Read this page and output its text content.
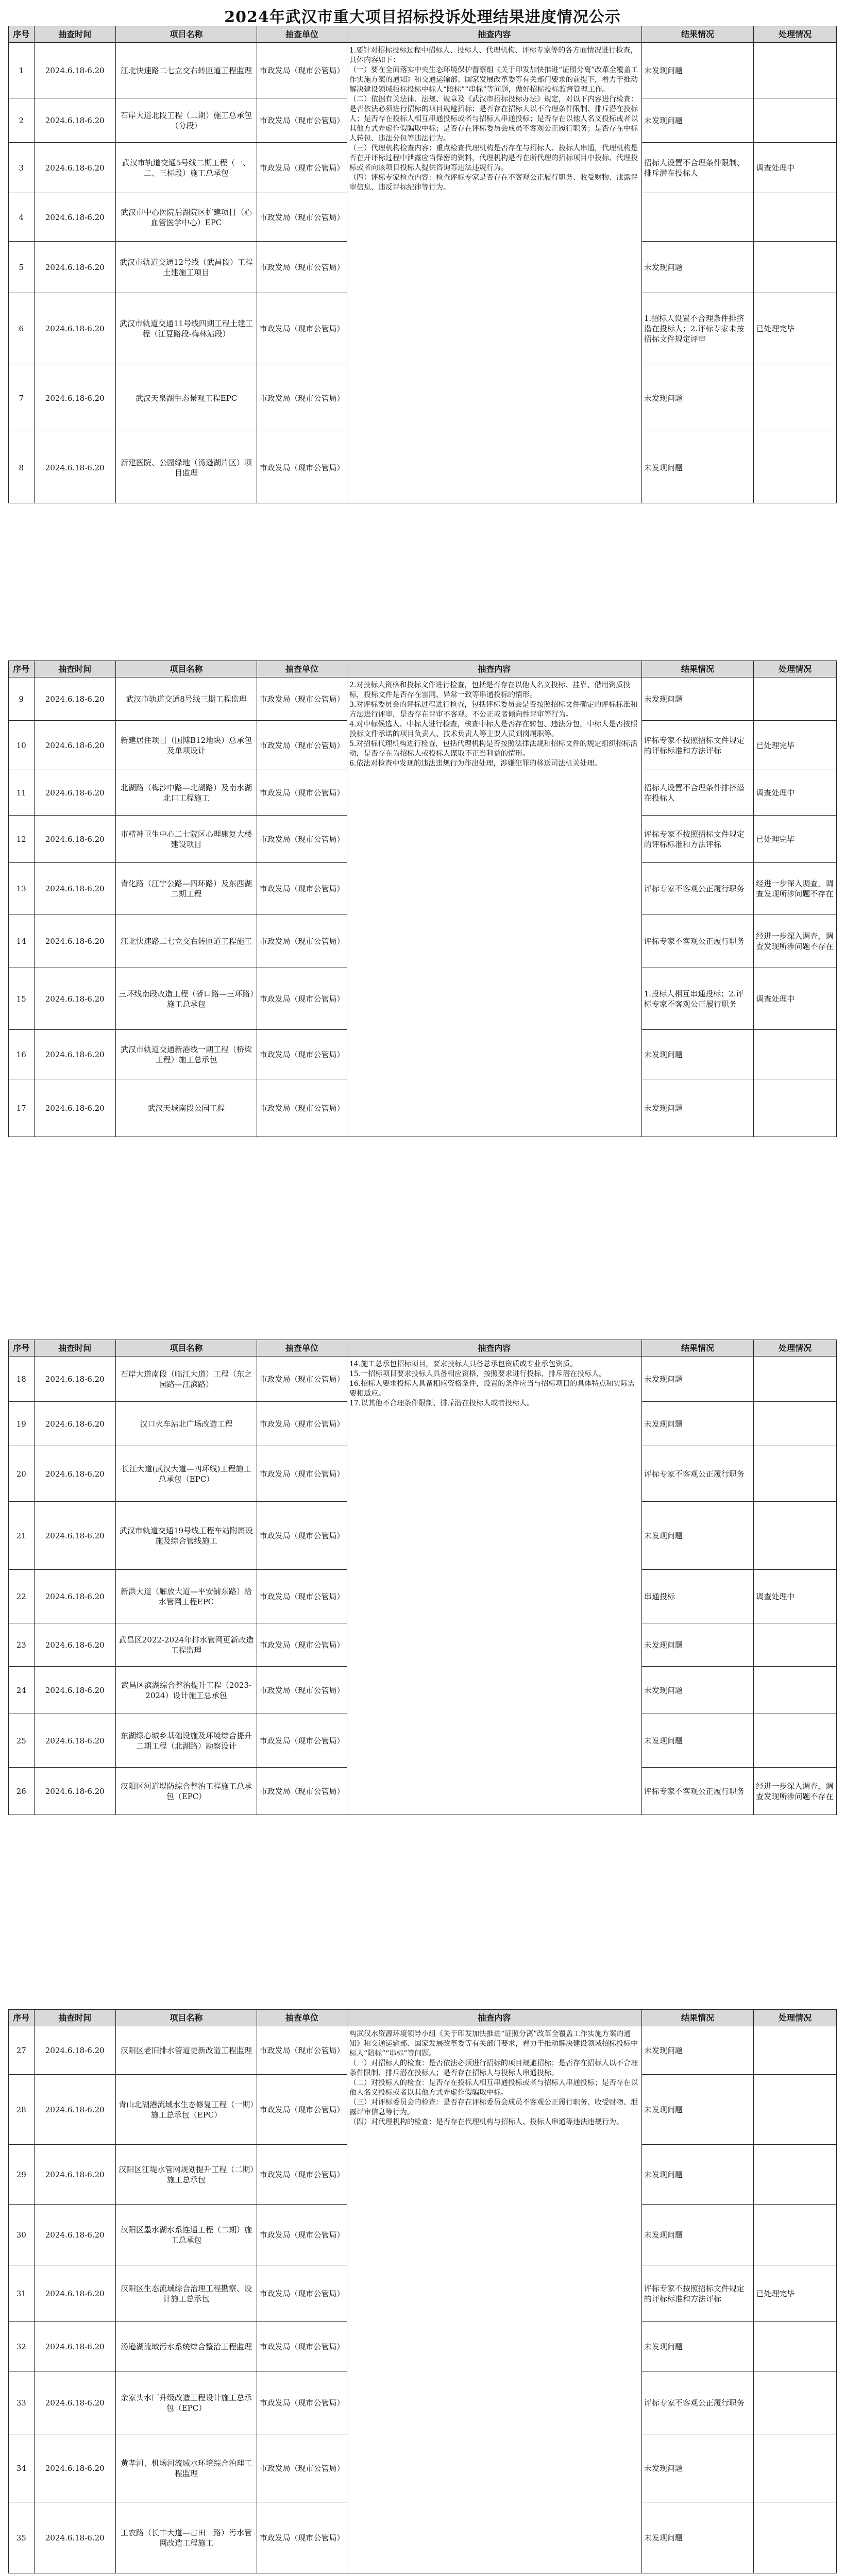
2024年武汉市重大项目招标投诉处理结果进度情况公示
序号	抽查时间	项目名称	抽查单位	抽查内容	结果情况	处理情况
1	2024.6.18-6.20	江北快速路二七立交右转匝道工程监理	市政发局（现市公管局）	1.要针对招标投标过程中招标人、投标人、代理机构、评标专家等的各方面情况进行检查，具体内容如下：
（一）要在全面落实中央生态环境保护督察组《关于印发加快推进“证照分离”改革全覆盖工作实施方案的通知》和交通运输部、国家发展改革委等有关部门要求的前提下，着力于推动解决建设领域招标投标中标人“陪标”“串标”等问题，做好招标投标监督管理工作。
（二）依据有关法律、法规、规章及《武汉市招标投标办法》规定，对以下内容进行检查：是否依法必须进行招标的项目规避招标；是否存在招标人以不合理条件限制、排斥潜在投标人；是否存在投标人相互串通投标或者与招标人串通投标；是否存在以他人名义投标或者以其他方式弄虚作假骗取中标；是否存在评标委员会成员不客观公正履行职务；是否存在中标人转包、违法分包等违法行为。
（三）代理机构检查内容：重点检查代理机构是否存在与招标人、投标人串通，代理机构是否在开评标过程中泄露应当保密的资料，代理机构是否在所代理的招标项目中投标、代理投标或者向该项目投标人提供咨询等违法违规行为。
（四）评标专家检查内容：检查评标专家是否存在不客观公正履行职务、收受财物、泄露评审信息、违反评标纪律等行为。	未发现问题	
2	2024.6.18-6.20	石岸大道北段工程（二期）施工总承包（分段）	市政发局（现市公管局）		未发现问题	
3	2024.6.18-6.20	武汉市轨道交通5号线二期工程（一、二、三标段）施工总承包	市政发局（现市公管局）		招标人设置不合理条件限制、排斥潜在投标人	调查处理中
4	2024.6.18-6.20	武汉市中心医院后湖院区扩建项目（心血管医学中心）EPC	市政发局（现市公管局）			
5	2024.6.18-6.20	武汉市轨道交通12号线（武昌段）工程土建施工项目	市政发局（现市公管局）		未发现问题	
6	2024.6.18-6.20	武汉市轨道交通11号线四期工程土建工程（江夏路段-梅林站段）	市政发局（现市公管局）		1.招标人设置不合理条件排挤潜在投标人；2.评标专家未按招标文件规定评审	已处理完毕
7	2024.6.18-6.20	武汉天泉湖生态景观工程EPC	市政发局（现市公管局）		未发现问题	
8	2024.6.18-6.20	新建医院、公园绿地（汤逊湖片区）项目监理	市政发局（现市公管局）		未发现问题	
序号	抽查时间	项目名称	抽查单位	抽查内容	结果情况	处理情况
9	2024.6.18-6.20	武汉市轨道交通8号线三期工程监理	市政发局（现市公管局）	2.对投标人资格和投标文件进行检查，包括是否存在以他人名义投标、挂靠、借用资质投标，投标文件是否存在雷同、异常一致等串通投标的情形。
3.对评标委员会的评标过程进行检查，包括评标委员会是否按照招标文件确定的评标标准和方法进行评审，是否存在评审不客观、不公正或者倾向性评审等行为。
4.对中标候选人、中标人进行检查，核查中标人是否存在转包、违法分包，中标人是否按照投标文件承诺的项目负责人、技术负责人等主要人员到岗履职等。
5.对招标代理机构进行检查，包括代理机构是否按照法律法规和招标文件的规定组织招标活动，是否存在为招标人或投标人谋取不正当利益的情形。
6.依法对检查中发现的违法违规行为作出处理，涉嫌犯罪的移送司法机关处理。	未发现问题	
10	2024.6.18-6.20	新建居住项目（国博B12地块）总承包及单项设计	市政发局（现市公管局）		评标专家不按照招标文件规定的评标标准和方法评标	已处理完毕
11	2024.6.18-6.20	北湖路（梅沙中路—北湖路）及南水湖北口工程施工	市政发局（现市公管局）		招标人设置不合理条件排挤潜在投标人	调查处理中
12	2024.6.18-6.20	市精神卫生中心二七院区心理康复大楼建设项目	市政发局（现市公管局）		评标专家不按照招标文件规定的评标标准和方法评标	已处理完毕
13	2024.6.18-6.20	青化路（江宁公路—四环路）及东西湖二期工程	市政发局（现市公管局）		评标专家不客观公正履行职务	经进一步深入调查，调查发现所涉问题不存在
14	2024.6.18-6.20	江北快速路二七立交右转匝道工程施工	市政发局（现市公管局）		评标专家不客观公正履行职务	经进一步深入调查，调查发现所涉问题不存在
15	2024.6.18-6.20	三环线南段改造工程（硚口路—三环路）施工总承包	市政发局（现市公管局）		1.投标人相互串通投标；2.评标专家不客观公正履行职务	调查处理中
16	2024.6.18-6.20	武汉市轨道交通新港线一期工程（桥梁工程）施工总承包	市政发局（现市公管局）		未发现问题	
17	2024.6.18-6.20	武汉天城南段公园工程	市政发局（现市公管局）		未发现问题	
序号	抽查时间	项目名称	抽查单位	抽查内容	结果情况	处理情况
18	2024.6.18-6.20	石岸大道南段（临江大道）工程（东之园路—江滨路）	市政发局（现市公管局）	14.施工总承包招标项目，要求投标人具备总承包资质或专业承包资质。
15.一招标项目要求投标人具备相应资格，按照要求进行投标，排斥潜在投标人。
16.招标人要求投标人具备相应资格条件，设置的条件应当与招标项目的具体特点和实际需要相适应。
17.以其他不合理条件限制、排斥潜在投标人或者投标人。	未发现问题	
19	2024.6.18-6.20	汉口火车站北广场改造工程	市政发局（现市公管局）		未发现问题	
20	2024.6.18-6.20	长江大道(武汉大道—四环线)工程施工总承包（EPC）	市政发局（现市公管局）		评标专家不客观公正履行职务	
21	2024.6.18-6.20	武汉市轨道交通19号线工程车站附属设施及综合管线施工	市政发局（现市公管局）		未发现问题	
22	2024.6.18-6.20	新洪大道（解放大道—平安铺东路）给水管网工程EPC	市政发局（现市公管局）		串通投标	调查处理中
23	2024.6.18-6.20	武昌区2022-2024年排水管网更新改造工程监理	市政发局（现市公管局）		未发现问题	
24	2024.6.18-6.20	武昌区滨湖综合整治提升工程（2023-2024）设计施工总承包	市政发局（现市公管局）		未发现问题	
25	2024.6.18-6.20	东湖绿心城乡基础设施及环境综合提升二期工程（北湖路）勘察设计	市政发局（现市公管局）		未发现问题	
26	2024.6.18-6.20	汉阳区河道堤防综合整治工程施工总承包（EPC）	市政发局（现市公管局）		评标专家不客观公正履行职务	经进一步深入调查，调查发现所涉问题不存在
序号	抽查时间	项目名称	抽查单位	抽查内容	结果情况	处理情况
27	2024.6.18-6.20	汉阳区老旧排水管道更新改造工程监理	市政发局（现市公管局）	构武汉水资源环境领导小组《关于印发加快推进“证照分离”改革全覆盖工作实施方案的通知》和交通运输部、国家发展改革委等有关部门要求，着力于推动解决建设领域招标投标中标人“陪标”“串标”等问题。
（一）对招标人的检查：是否依法必须进行招标的项目规避招标；是否存在招标人以不合理条件限制、排斥潜在投标人；是否存在招标人与投标人串通投标。
（二）对投标人的检查：是否存在投标人相互串通投标或者与招标人串通投标；是否存在以他人名义投标或者以其他方式弄虚作假骗取中标。
（三）对评标委员会的检查：是否存在评标委员会成员不客观公正履行职务、收受财物、泄露评审信息等行为。
（四）对代理机构的检查：是否存在代理机构与招标人、投标人串通等违法违规行为。	未发现问题	
28	2024.6.18-6.20	青山北湖港流域水生态修复工程（一期）施工总承包（EPC）	市政发局（现市公管局）		未发现问题	
29	2024.6.18-6.20	汉阳区江堤水管网规划提升工程（二期）施工总承包	市政发局（现市公管局）		未发现问题	
30	2024.6.18-6.20	汉阳区墨水湖水系连通工程（二期）施工总承包	市政发局（现市公管局）		未发现问题	
31	2024.6.18-6.20	汉阳区生态流域综合治理工程勘察、设计施工总承包	市政发局（现市公管局）		评标专家不按照招标文件规定的评标标准和方法评标	已处理完毕
32	2024.6.18-6.20	汤逊湖流域污水系统综合整治工程监理	市政发局（现市公管局）		未发现问题	
33	2024.6.18-6.20	余家头水厂升级改造工程设计施工总承包（EPC）	市政发局（现市公管局）		评标专家不客观公正履行职务	
34	2024.6.18-6.20	黄孝河、机场河流域水环境综合治理工程监理	市政发局（现市公管局）		未发现问题	
35	2024.6.18-6.20	工农路（长丰大道—古田一路）污水管网改造工程施工	市政发局（现市公管局）		未发现问题	
